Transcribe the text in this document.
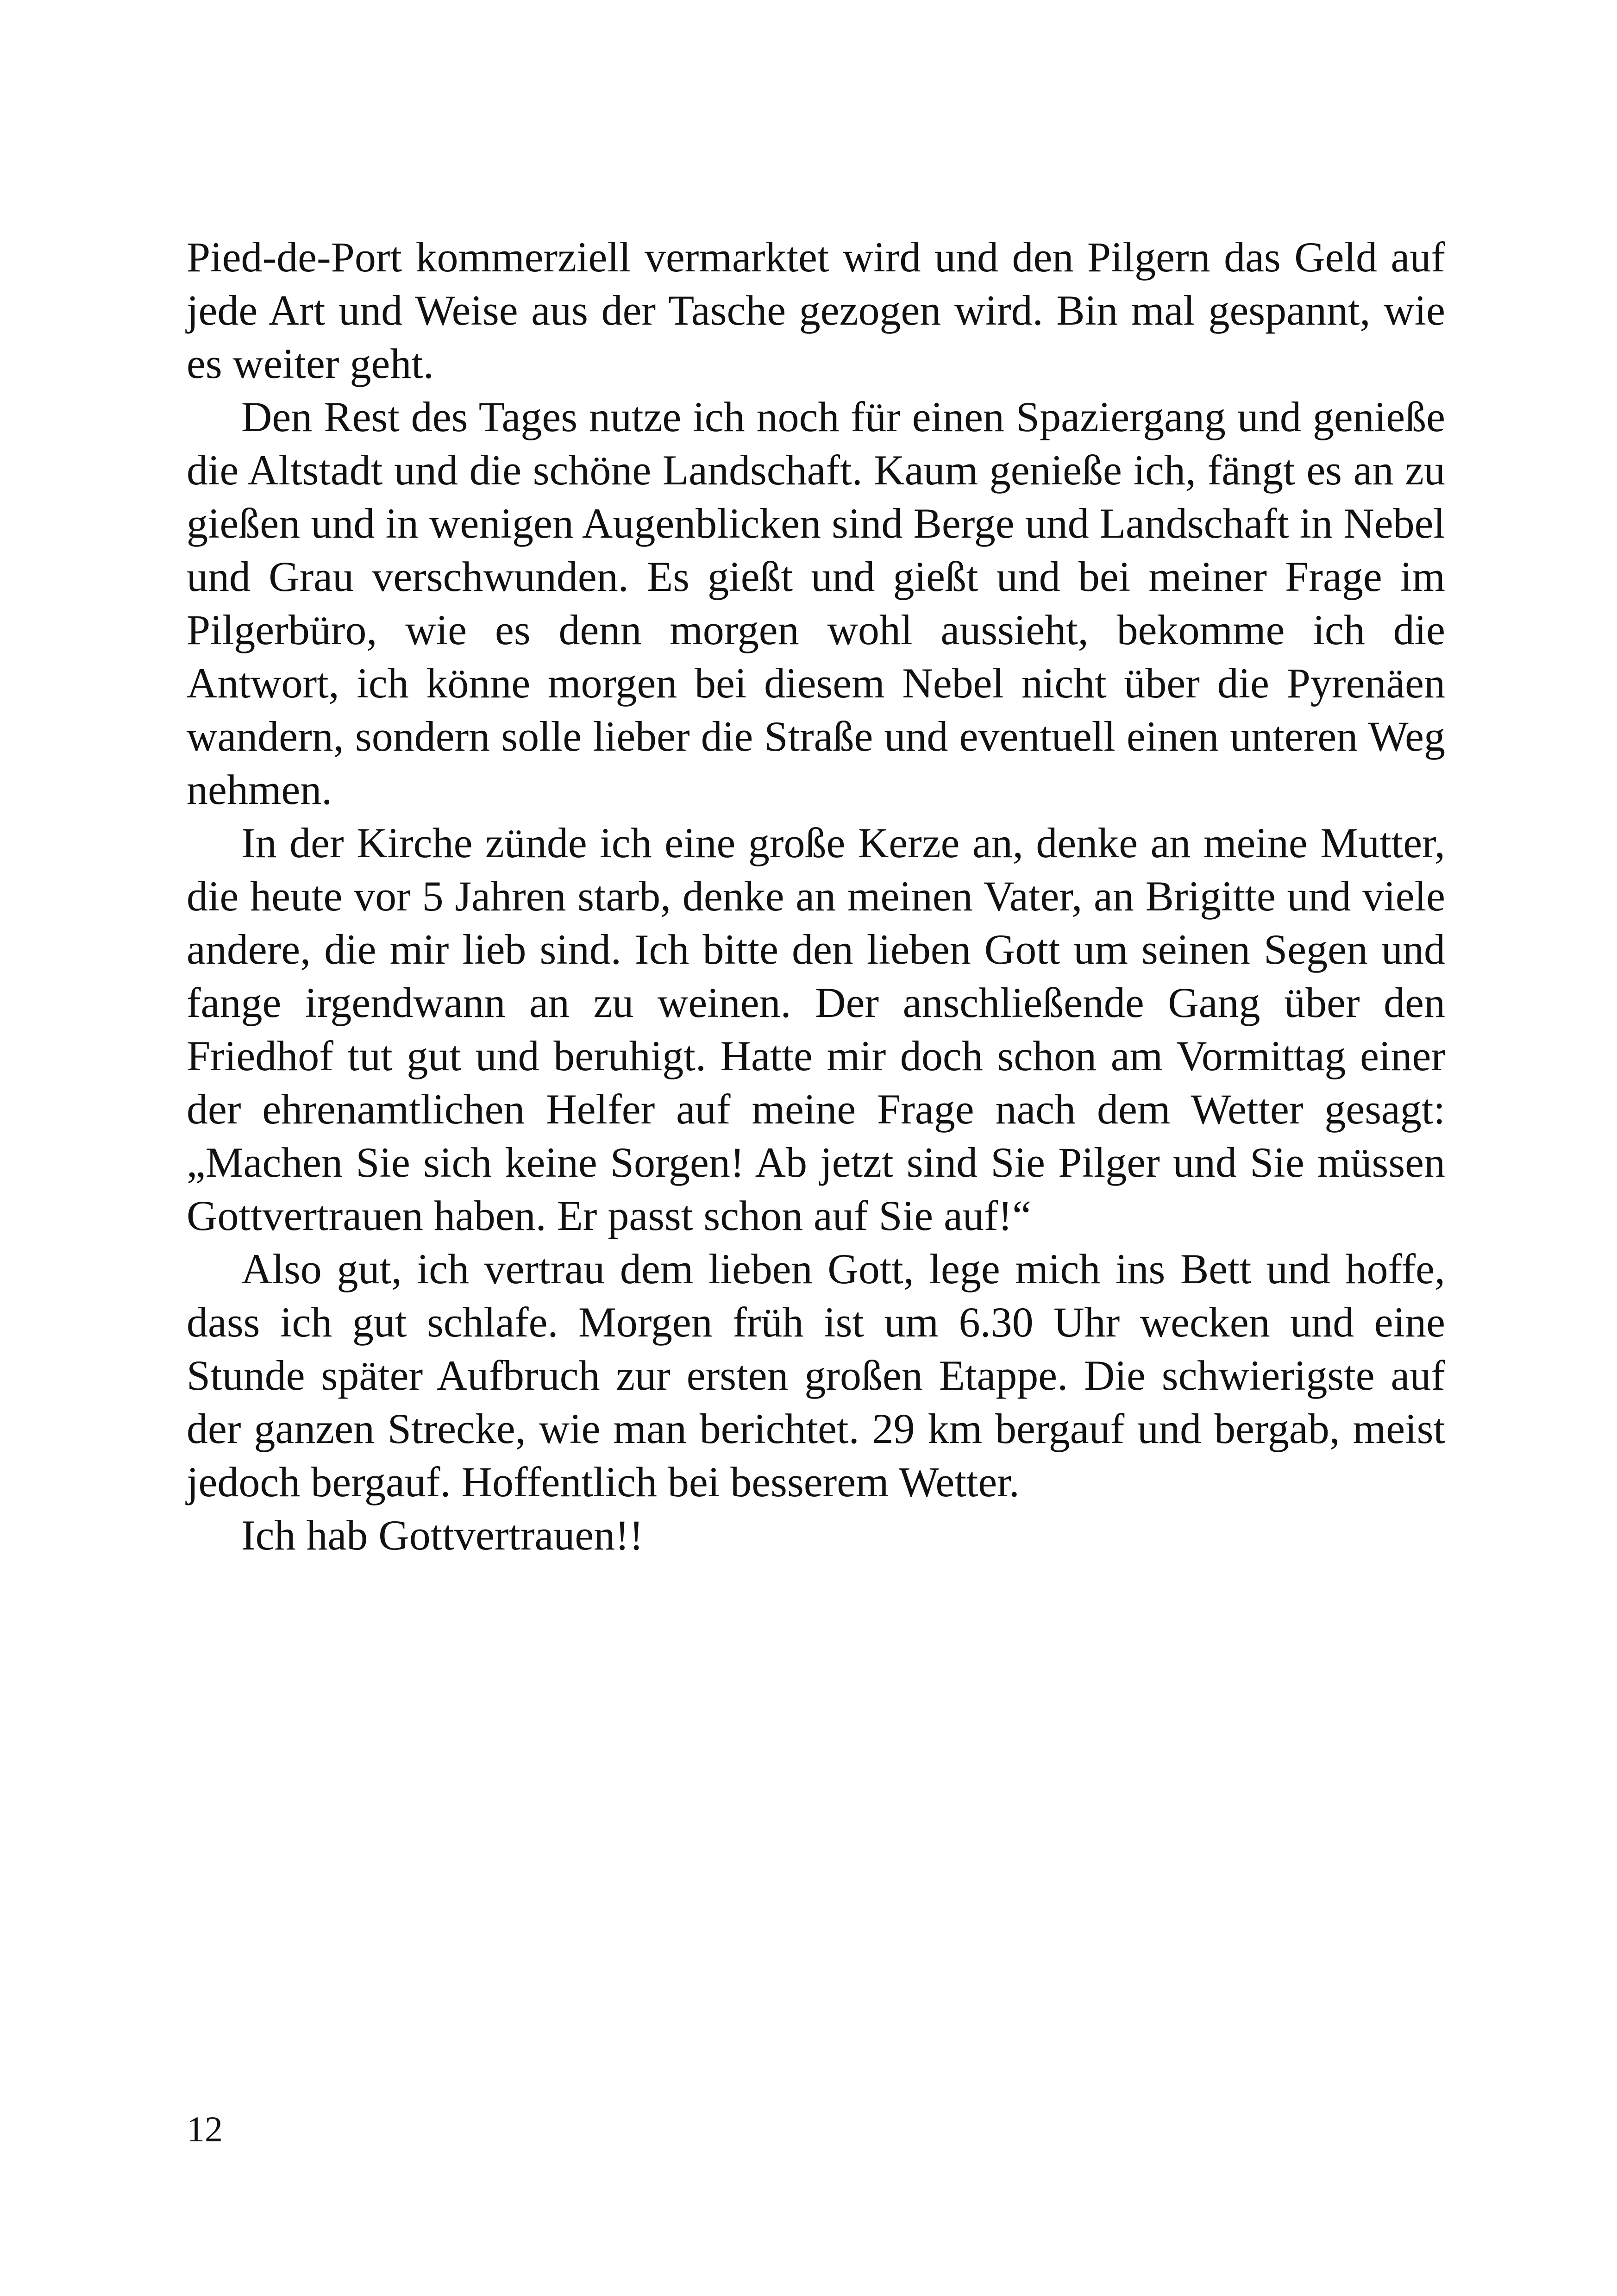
Pied-de-Port kommerziell vermarktet wird und den Pilgern das Geld auf jede Art und Weise aus der Tasche gezogen wird. Bin mal gespannt, wie es weiter geht.

Den Rest des Tages nutze ich noch für einen Spaziergang und genieße die Altstadt und die schöne Landschaft. Kaum genieße ich, fängt es an zu gießen und in wenigen Augenblicken sind Berge und Landschaft in Nebel und Grau verschwunden. Es gießt und gießt und bei meiner Frage im Pilgerbüro, wie es denn morgen wohl aussieht, bekomme ich die Antwort, ich könne morgen bei diesem Nebel nicht über die Pyrenäen wandern, sondern solle lieber die Straße und eventuell einen unteren Weg nehmen.

In der Kirche zünde ich eine große Kerze an, denke an meine Mutter, die heute vor 5 Jahren starb, denke an meinen Vater, an Brigitte und viele andere, die mir lieb sind. Ich bitte den lieben Gott um seinen Segen und fange irgendwann an zu weinen. Der anschließende Gang über den Friedhof tut gut und beruhigt. Hatte mir doch schon am Vormittag einer der ehrenamtlichen Helfer auf meine Frage nach dem Wetter gesagt: „Machen Sie sich keine Sorgen! Ab jetzt sind Sie Pilger und Sie müssen Gottvertrauen haben. Er passt schon auf Sie auf!“

Also gut, ich vertrau dem lieben Gott, lege mich ins Bett und hoffe, dass ich gut schlafe. Morgen früh ist um 6.30 Uhr wecken und eine Stunde später Aufbruch zur ersten großen Etappe. Die schwierigste auf der ganzen Strecke, wie man berichtet. 29 km bergauf und bergab, meist jedoch bergauf. Hoffentlich bei besserem Wetter.

Ich hab Gottvertrauen!!

12
